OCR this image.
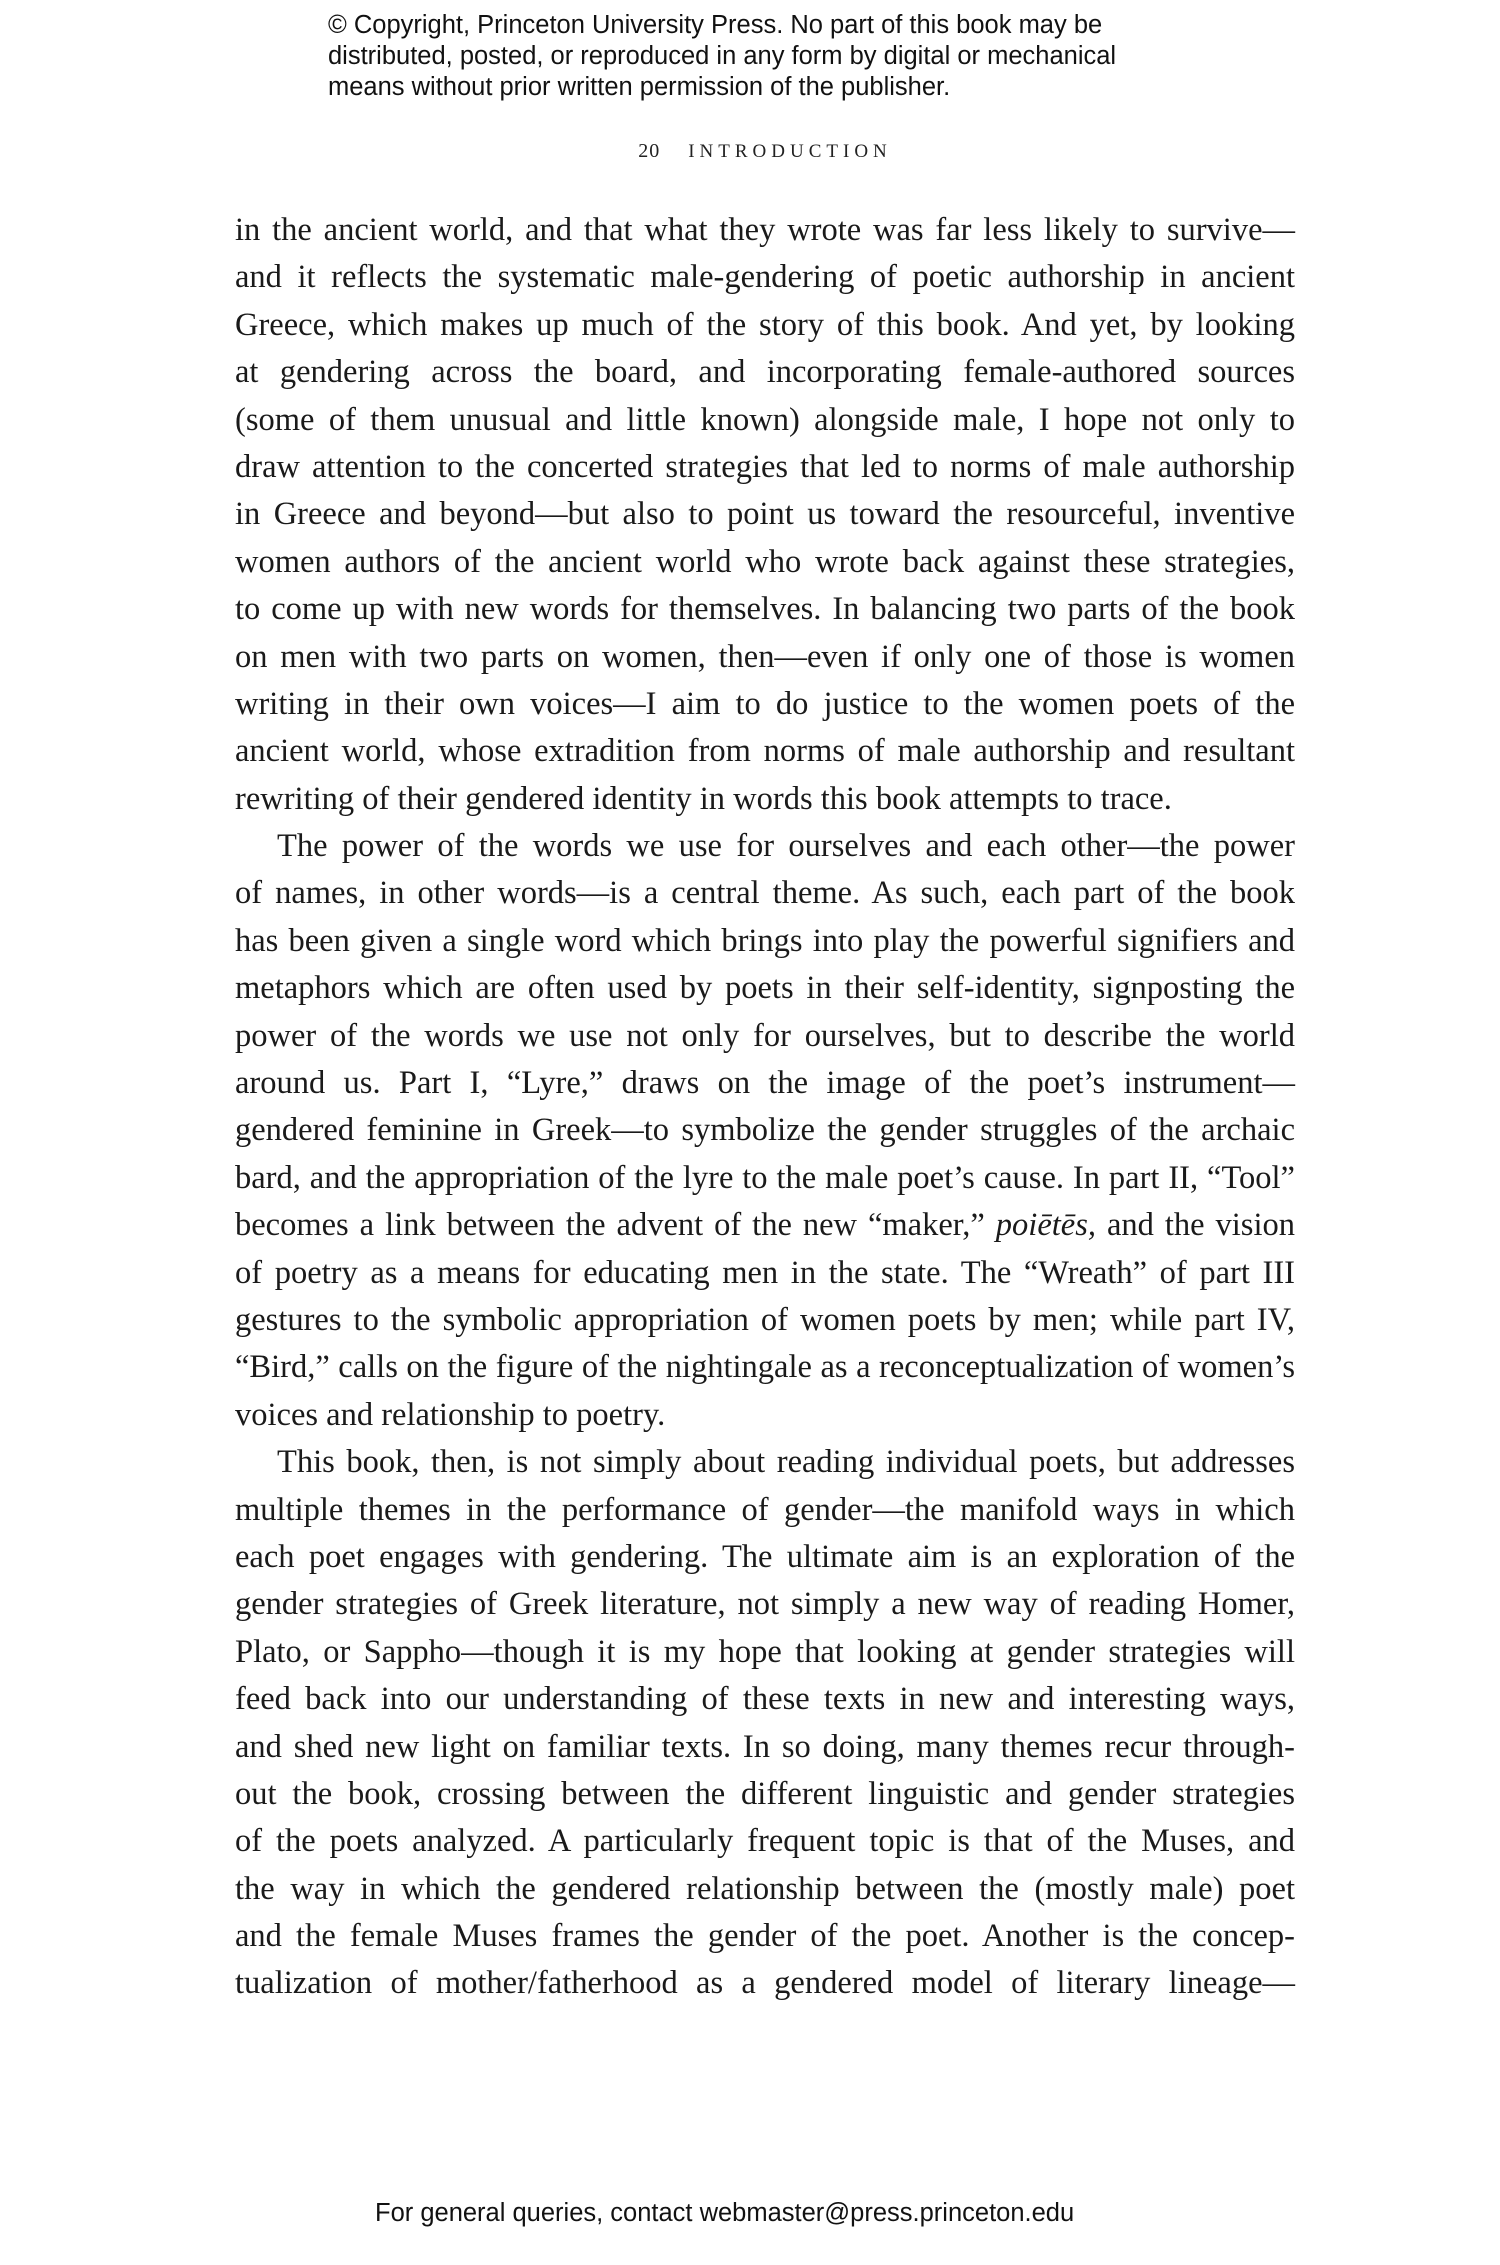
© Copyright, Princeton University Press. No part of this book may be
distributed, posted, or reproduced in any form by digital or mechanical
means without prior written permission of the publisher.
20 INTRODUCTION
in the ancient world, and that what they wrote was far less likely to survive—
and it reflects the systematic male-gendering of poetic authorship in ancient
Greece, which makes up much of the story of this book. And yet, by looking
at gendering across the board, and incorporating female-authored sources
(some of them unusual and little known) alongside male, I hope not only to
draw attention to the concerted strategies that led to norms of male authorship
in Greece and beyond—but also to point us toward the resourceful, inventive
women authors of the ancient world who wrote back against these strategies,
to come up with new words for themselves. In balancing two parts of the book
on men with two parts on women, then—even if only one of those is women
writing in their own voices—I aim to do justice to the women poets of the
ancient world, whose extradition from norms of male authorship and resultant
rewriting of their gendered identity in words this book attempts to trace.
The power of the words we use for ourselves and each other—the power
of names, in other words—is a central theme. As such, each part of the book
has been given a single word which brings into play the powerful signifiers and
metaphors which are often used by poets in their self-identity, signposting the
power of the words we use not only for ourselves, but to describe the world
around us. Part I, “Lyre,” draws on the image of the poet’s instrument—
gendered feminine in Greek—to symbolize the gender struggles of the archaic
bard, and the appropriation of the lyre to the male poet’s cause. In part II, “Tool”
becomes a link between the advent of the new “maker,” poiētēs, and the vision
of poetry as a means for educating men in the state. The “Wreath” of part III
gestures to the symbolic appropriation of women poets by men; while part IV,
“Bird,” calls on the figure of the nightingale as a reconceptualization of women’s
voices and relationship to poetry.
This book, then, is not simply about reading individual poets, but addresses
multiple themes in the performance of gender—the manifold ways in which
each poet engages with gendering. The ultimate aim is an exploration of the
gender strategies of Greek literature, not simply a new way of reading Homer,
Plato, or Sappho—though it is my hope that looking at gender strategies will
feed back into our understanding of these texts in new and interesting ways,
and shed new light on familiar texts. In so doing, many themes recur through-
out the book, crossing between the different linguistic and gender strategies
of the poets analyzed. A particularly frequent topic is that of the Muses, and
the way in which the gendered relationship between the (mostly male) poet
and the female Muses frames the gender of the poet. Another is the concep-
tualization of mother/fatherhood as a gendered model of literary lineage—
For general queries, contact webmaster@press.princeton.edu
